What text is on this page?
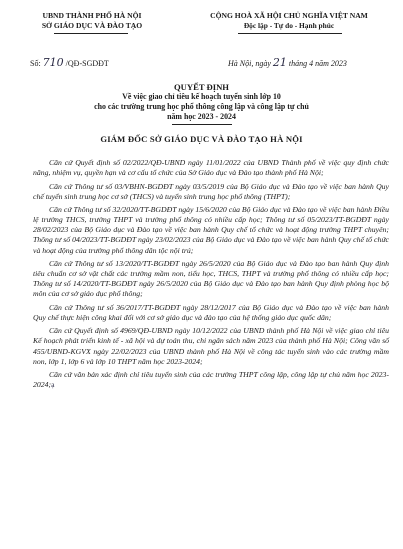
UBND THÀNH PHỐ HÀ NỘI
SỞ GIÁO DỤC VÀ ĐÀO TẠO
CỘNG HOÀ XÃ HỘI CHỦ NGHĨA VIỆT NAM
Độc lập - Tự do - Hạnh phúc
Số: 710 /QĐ-SGDĐT	Hà Nội, ngày 21 tháng 4 năm 2023
QUYẾT ĐỊNH
Về việc giao chỉ tiêu kế hoạch tuyển sinh lớp 10
cho các trường trung học phổ thông công lập và công lập tự chủ
năm học 2023 - 2024
GIÁM ĐỐC SỞ GIÁO DỤC VÀ ĐÀO TẠO HÀ NỘI

Căn cứ Quyết định số 02/2022/QĐ-UBND ngày 11/01/2022 của UBND Thành phố về việc quy định chức năng, nhiệm vụ, quyền hạn và cơ cấu tổ chức của Sở Giáo dục và Đào tạo thành phố Hà Nội;

Căn cứ Thông tư số 03/VBHN-BGDĐT ngày 03/5/2019 của Bộ Giáo dục và Đào tạo về việc ban hành Quy chế tuyển sinh trung học cơ sở (THCS) và tuyển sinh trung học phổ thông (THPT);

Căn cứ Thông tư số 32/2020/TT-BGDĐT ngày 15/6/2020 của Bộ Giáo dục và Đào tạo về việc ban hành Điều lệ trường THCS, trường THPT và trường phổ thông có nhiều cấp học; Thông tư số 05/2023/TT-BGDĐT ngày 28/02/2023 của Bộ Giáo dục và Đào tạo về việc ban hành Quy chế tổ chức và hoạt động trường THPT chuyên; Thông tư số 04/2023/TT-BGDĐT ngày 23/02/2023 của Bộ Giáo dục và Đào tạo về việc ban hành Quy chế tổ chức và hoạt động của trường phổ thông dân tộc nội trú;

Căn cứ Thông tư số 13/2020/TT-BGDĐT ngày 26/5/2020 của Bộ Giáo dục và Đào tạo ban hành Quy định tiêu chuẩn cơ sở vật chất các trường mầm non, tiểu học, THCS, THPT và trường phổ thông có nhiều cấp học; Thông tư số 14/2020/TT-BGDĐT ngày 26/5/2020 của Bộ Giáo dục và Đào tạo ban hành Quy định phòng học bộ môn của cơ sở giáo dục phổ thông;

Căn cứ Thông tư số 36/2017/TT-BGDĐT ngày 28/12/2017 của Bộ Giáo dục và Đào tạo về việc ban hành Quy chế thực hiện công khai đối với cơ sở giáo dục và đào tạo của hệ thống giáo dục quốc dân;

Căn cứ Quyết định số 4969/QĐ-UBND ngày 10/12/2022 của UBND thành phố Hà Nội về việc giao chỉ tiêu Kế hoạch phát triển kinh tế - xã hội và dự toán thu, chi ngân sách năm 2023 của thành phố Hà Nội; Công văn số 455/UBND-KGVX ngày 22/02/2023 của UBND thành phố Hà Nội về công tác tuyển sinh vào các trường mầm non, lớp 1, lớp 6 và lớp 10 THPT năm học 2023-2024;

Căn cứ văn bản xác định chỉ tiêu tuyển sinh của các trường THPT công lập, công lập tự chủ năm học 2023-2024;ạ
